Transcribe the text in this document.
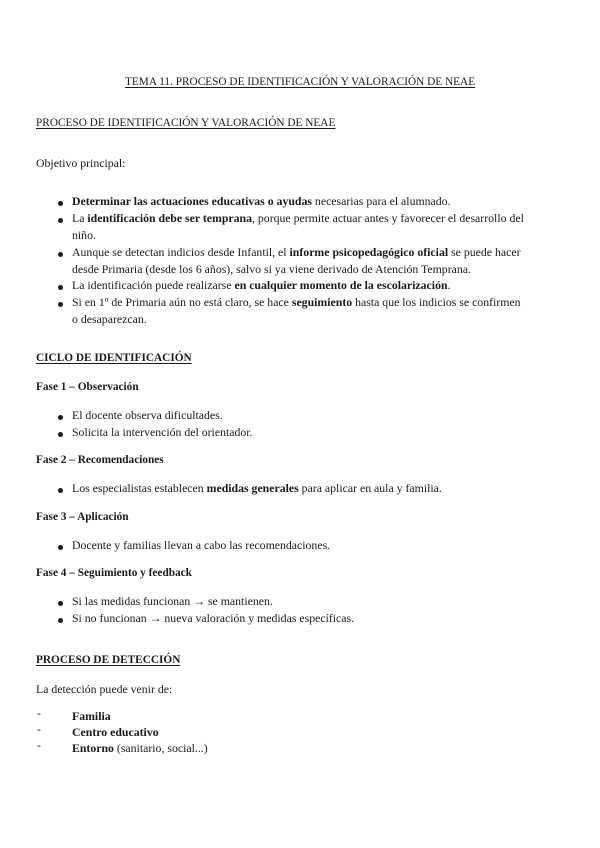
TEMA 11. PROCESO DE IDENTIFICACIÓN Y VALORACIÓN DE NEAE
PROCESO DE IDENTIFICACIÓN Y VALORACIÓN DE NEAE
Objetivo principal:
Determinar las actuaciones educativas o ayudas necesarias para el alumnado.
La identificación debe ser temprana, porque permite actuar antes y favorecer el desarrollo del
niño.
Aunque se detectan indicios desde Infantil, el informe psicopedagógico oficial se puede hacer
desde Primaria (desde los 6 años), salvo si ya viene derivado de Atención Temprana.
La identificación puede realizarse en cualquier momento de la escolarización.
Si en 1º de Primaria aún no está claro, se hace seguimiento hasta que los indicios se confirmen
o desaparezcan.
CICLO DE IDENTIFICACIÓN
Fase 1 – Observación
El docente observa dificultades.
Solicita la intervención del orientador.
Fase 2 – Recomendaciones
Los especialistas establecen medidas generales para aplicar en aula y familia.
Fase 3 – Aplicación
Docente y familias llevan a cabo las recomendaciones.
Fase 4 – Seguimiento y feedback
Si las medidas funcionan → se mantienen.
Si no funcionan → nueva valoración y medidas específicas.
PROCESO DE DETECCIÓN
La detección puede venir de:
-	Familia
-	Centro educativo
-	Entorno (sanitario, social...)
